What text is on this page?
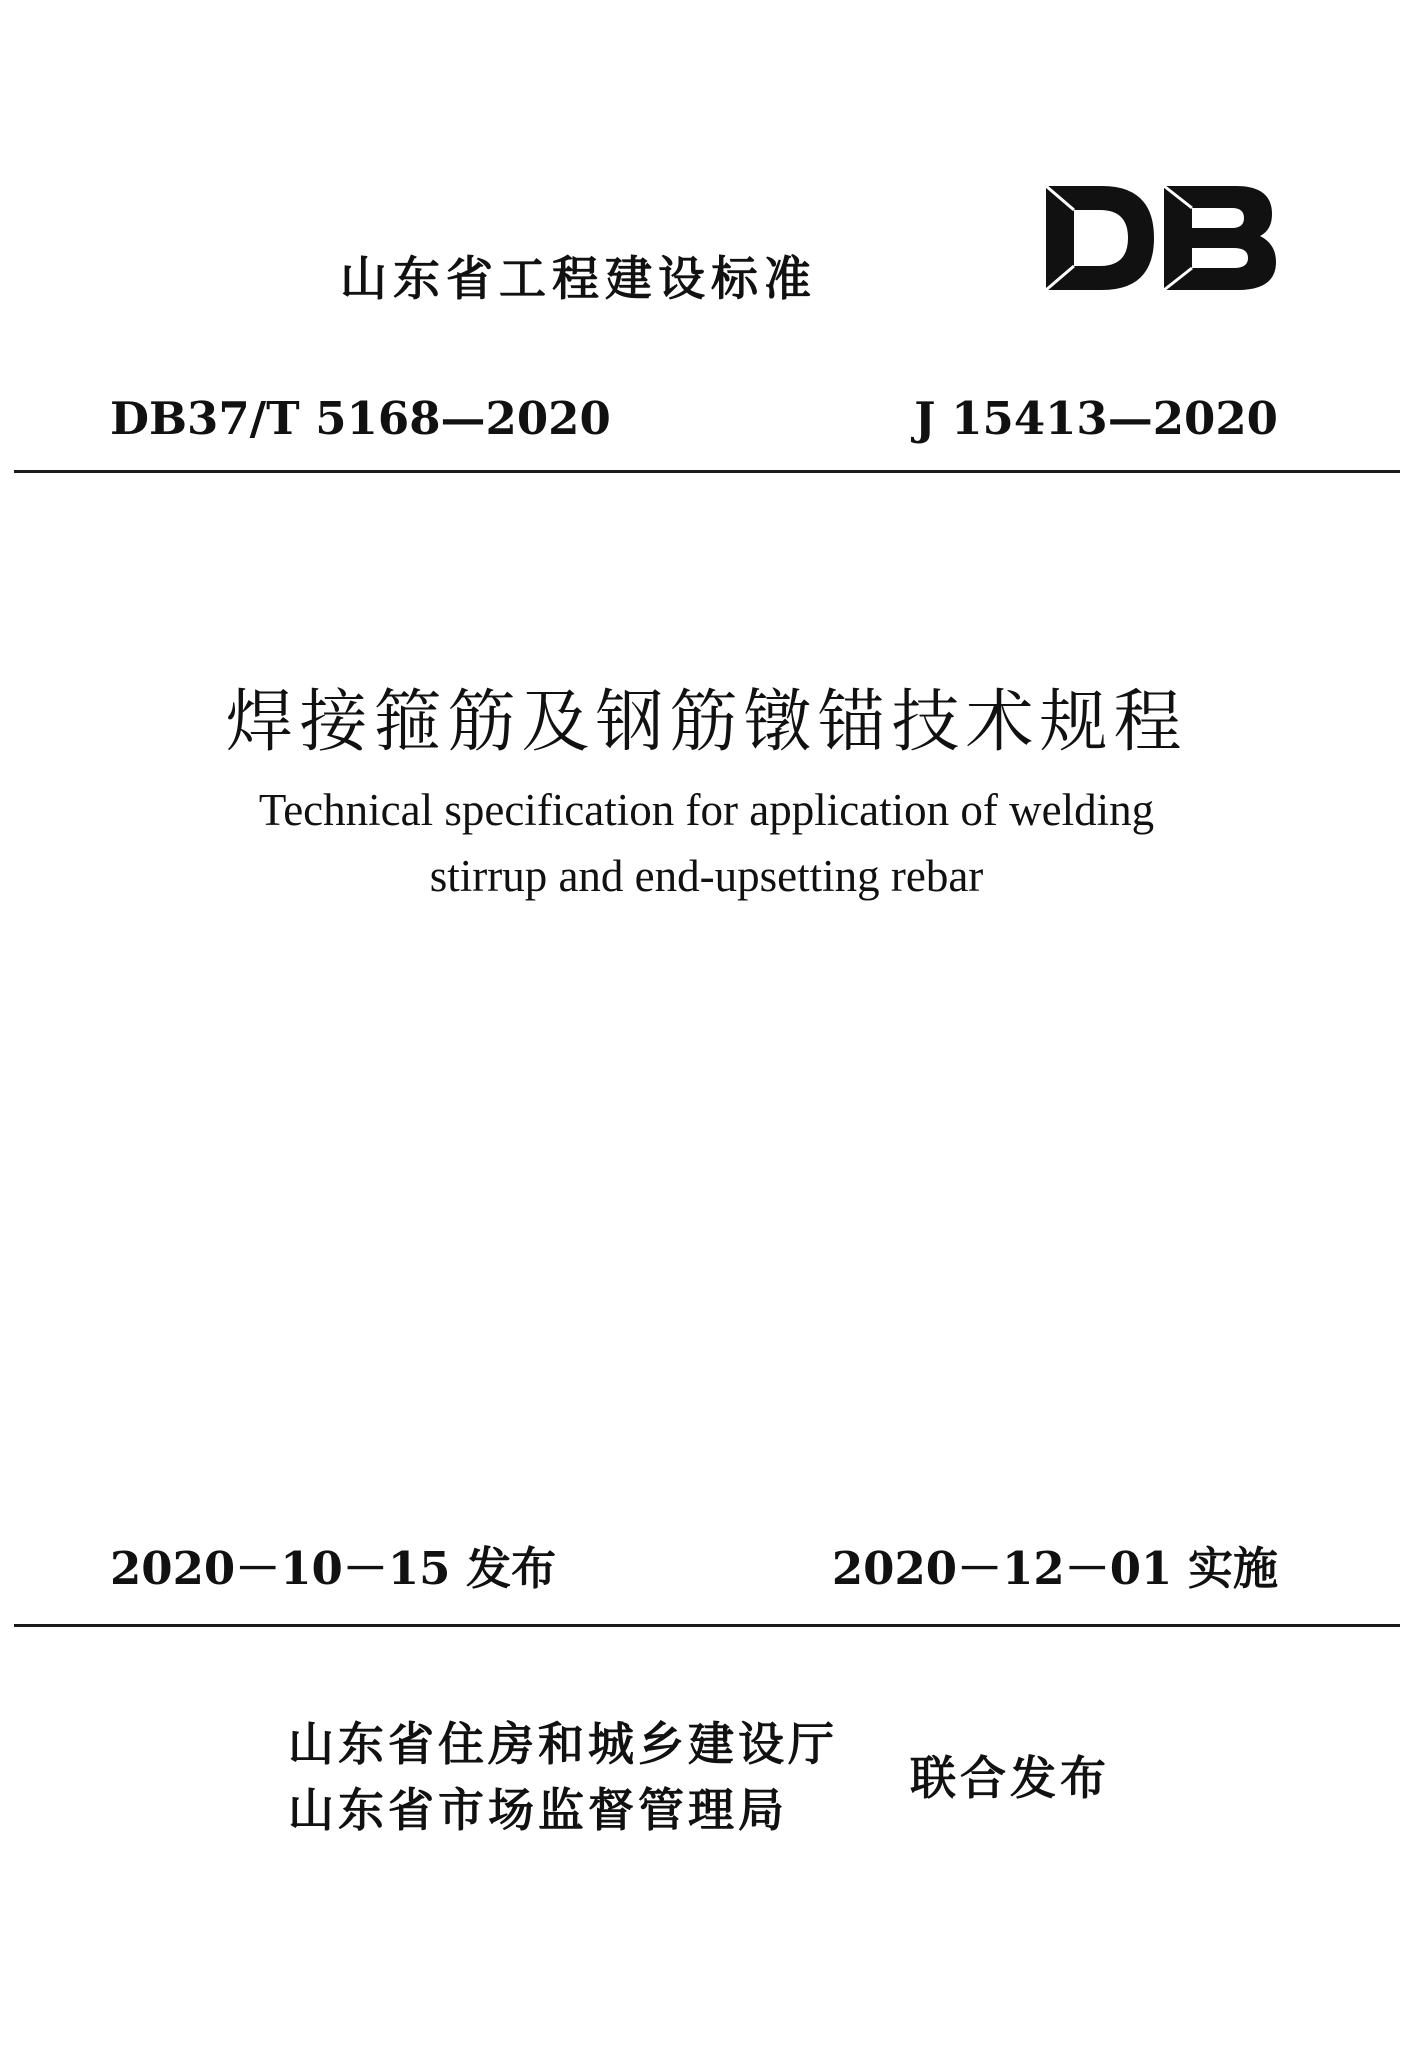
山东省工程建设标准
DB37/T 5168—2020	J 15413—2020
焊接箍筋及钢筋镦锚技术规程
Technical specification for application of welding
stirrup and end-upsetting rebar
2020－10－15 发布	2020－12－01 实施
山东省住房和城乡建设厅
山东省市场监督管理局
联合发布
